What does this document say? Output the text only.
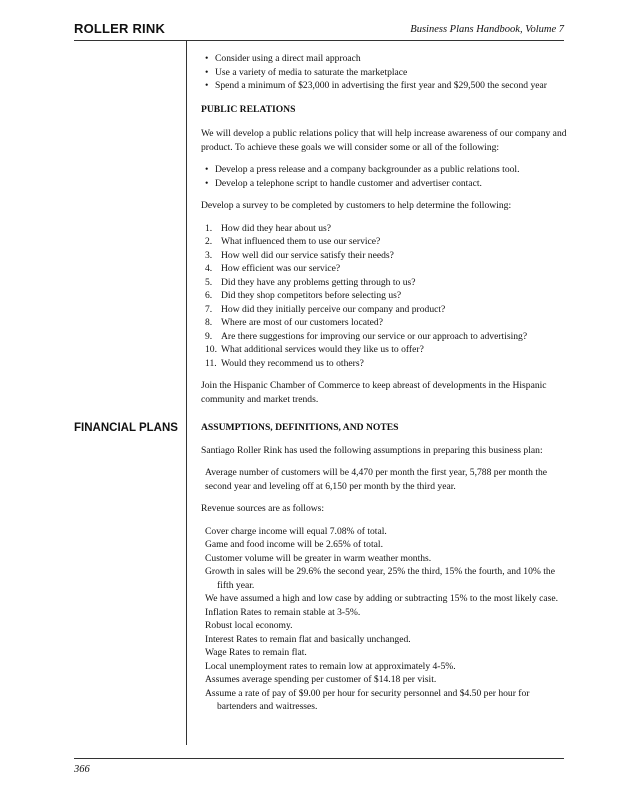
ROLLER RINK	Business Plans Handbook, Volume 7
FINANCIAL PLANS
• Consider using a direct mail approach
• Use a variety of media to saturate the marketplace
• Spend a minimum of $23,000 in advertising the first year and $29,500 the second year

PUBLIC RELATIONS

We will develop a public relations policy that will help increase awareness of our company and product. To achieve these goals we will consider some or all of the following:

• Develop a press release and a company backgrounder as a public relations tool.
• Develop a telephone script to handle customer and advertiser contact.

Develop a survey to be completed by customers to help determine the following:

1. How did they hear about us?
2. What influenced them to use our service?
3. How well did our service satisfy their needs?
4. How efficient was our service?
5. Did they have any problems getting through to us?
6. Did they shop competitors before selecting us?
7. How did they initially perceive our company and product?
8. Where are most of our customers located?
9. Are there suggestions for improving our service or our approach to advertising?
10. What additional services would they like us to offer?
11. Would they recommend us to others?

Join the Hispanic Chamber of Commerce to keep abreast of developments in the Hispanic community and market trends.

ASSUMPTIONS, DEFINITIONS, AND NOTES

Santiago Roller Rink has used the following assumptions in preparing this business plan:

Average number of customers will be 4,470 per month the first year, 5,788 per month the second year and leveling off at 6,150 per month by the third year.

Revenue sources are as follows:

Cover charge income will equal 7.08% of total.

Game and food income will be 2.65% of total.

Customer volume will be greater in warm weather months.

Growth in sales will be 29.6% the second year, 25% the third, 15% the fourth, and 10% the fifth year.

We have assumed a high and low case by adding or subtracting 15% to the most likely case.

Inflation Rates to remain stable at 3-5%.

Robust local economy.

Interest Rates to remain flat and basically unchanged.

Wage Rates to remain flat.

Local unemployment rates to remain low at approximately 4-5%.

Assumes average spending per customer of $14.18 per visit.

Assume a rate of pay of $9.00 per hour for security personnel and $4.50 per hour for bartenders and waitresses.

366
